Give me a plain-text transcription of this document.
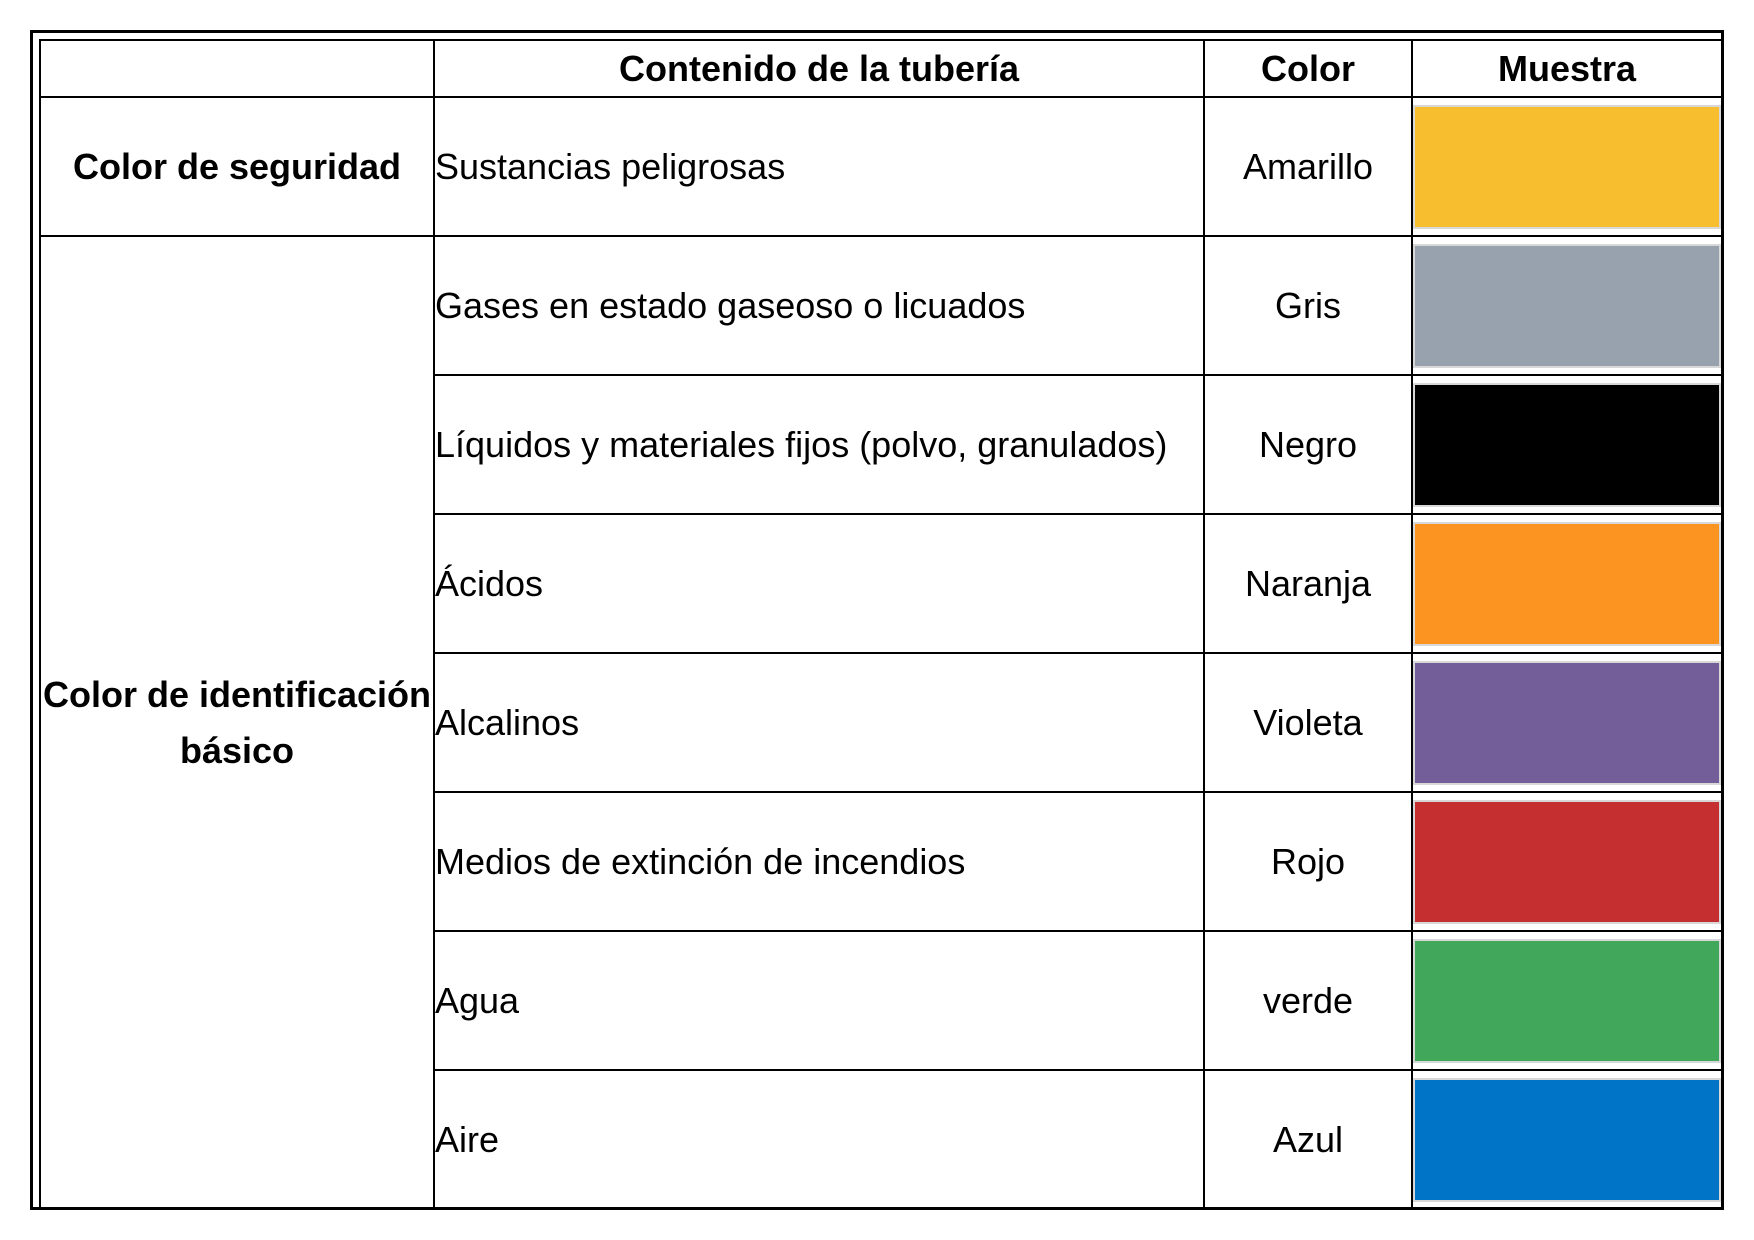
	Contenido de la tubería	Color	Muestra
Color de seguridad	Sustancias peligrosas	Amarillo	

Color de identificación básico	Gases en estado gaseoso o licuados	Gris	

	Líquidos y materiales fijos (polvo, granulados)	Negro	

	Ácidos	Naranja	

	Alcalinos	Violeta	

	Medios de extinción de incendios	Rojo	

	Agua	verde	

	Aire	Azul	
